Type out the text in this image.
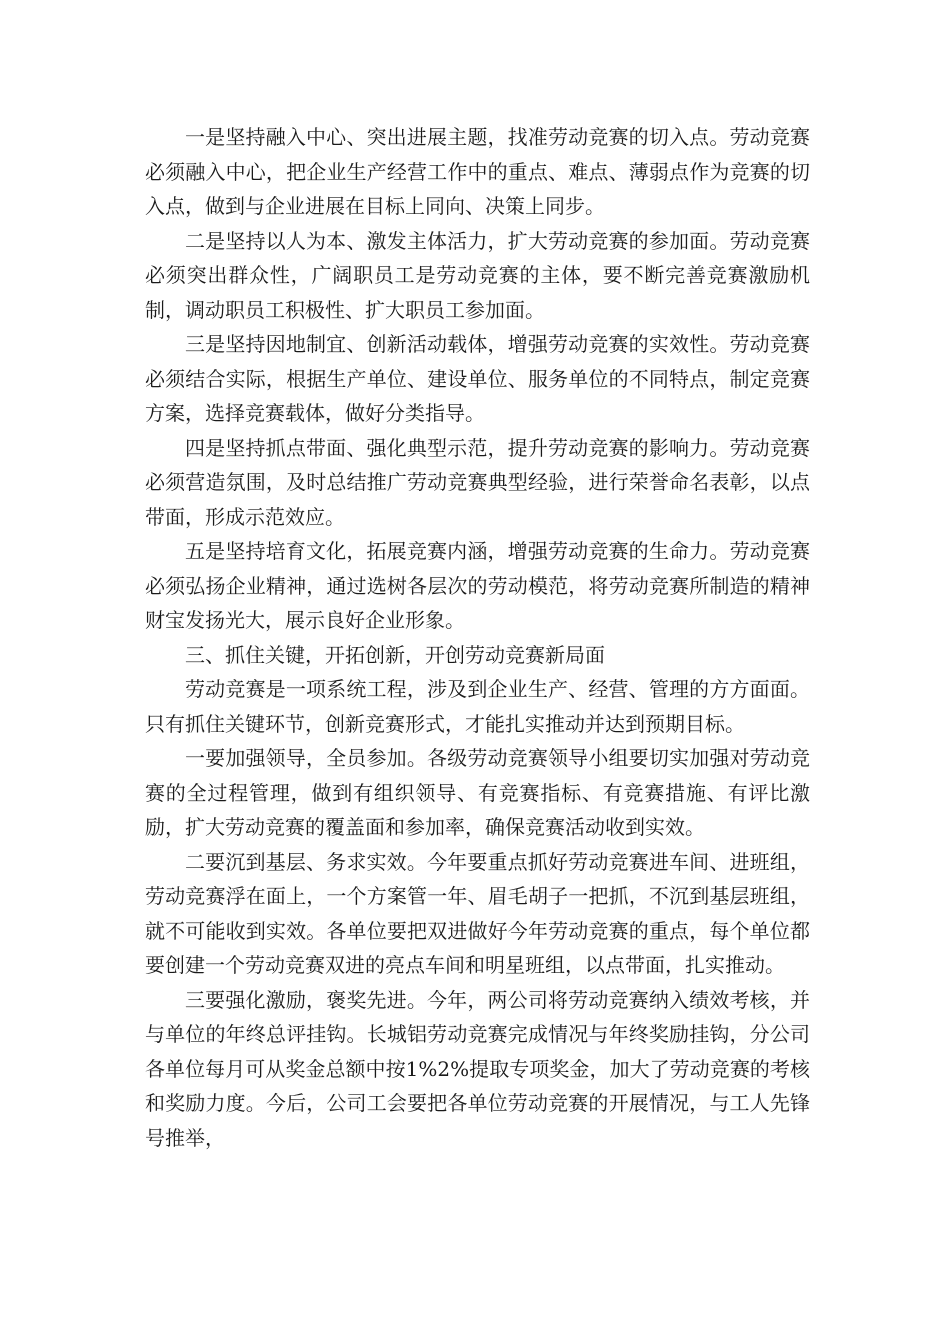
一是坚持融入中心、突出进展主题，找准劳动竞赛的切入点。劳动竞赛必须融入中心，把企业生产经营工作中的重点、难点、薄弱点作为竞赛的切入点，做到与企业进展在目标上同向、决策上同步。

二是坚持以人为本、激发主体活力，扩大劳动竞赛的参加面。劳动竞赛必须突出群众性，广阔职员工是劳动竞赛的主体，要不断完善竞赛激励机制，调动职员工积极性、扩大职员工参加面。

三是坚持因地制宜、创新活动载体，增强劳动竞赛的实效性。劳动竞赛必须结合实际，根据生产单位、建设单位、服务单位的不同特点，制定竞赛方案，选择竞赛载体，做好分类指导。

四是坚持抓点带面、强化典型示范，提升劳动竞赛的影响力。劳动竞赛必须营造氛围，及时总结推广劳动竞赛典型经验，进行荣誉命名表彰，以点带面，形成示范效应。

五是坚持培育文化，拓展竞赛内涵，增强劳动竞赛的生命力。劳动竞赛必须弘扬企业精神，通过选树各层次的劳动模范，将劳动竞赛所制造的精神财宝发扬光大，展示良好企业形象。

三、抓住关键，开拓创新，开创劳动竞赛新局面

劳动竞赛是一项系统工程，涉及到企业生产、经营、管理的方方面面。只有抓住关键环节，创新竞赛形式，才能扎实推动并达到预期目标。

一要加强领导，全员参加。各级劳动竞赛领导小组要切实加强对劳动竞赛的全过程管理，做到有组织领导、有竞赛指标、有竞赛措施、有评比激励，扩大劳动竞赛的覆盖面和参加率，确保竞赛活动收到实效。

二要沉到基层、务求实效。今年要重点抓好劳动竞赛进车间、进班组，劳动竞赛浮在面上，一个方案管一年、眉毛胡子一把抓，不沉到基层班组，就不可能收到实效。各单位要把双进做好今年劳动竞赛的重点，每个单位都要创建一个劳动竞赛双进的亮点车间和明星班组，以点带面，扎实推动。

三要强化激励，褒奖先进。今年，两公司将劳动竞赛纳入绩效考核，并与单位的年终总评挂钩。长城铝劳动竞赛完成情况与年终奖励挂钩，分公司各单位每月可从奖金总额中按1%2%提取专项奖金，加大了劳动竞赛的考核和奖励力度。今后，公司工会要把各单位劳动竞赛的开展情况，与工人先锋号推举，
